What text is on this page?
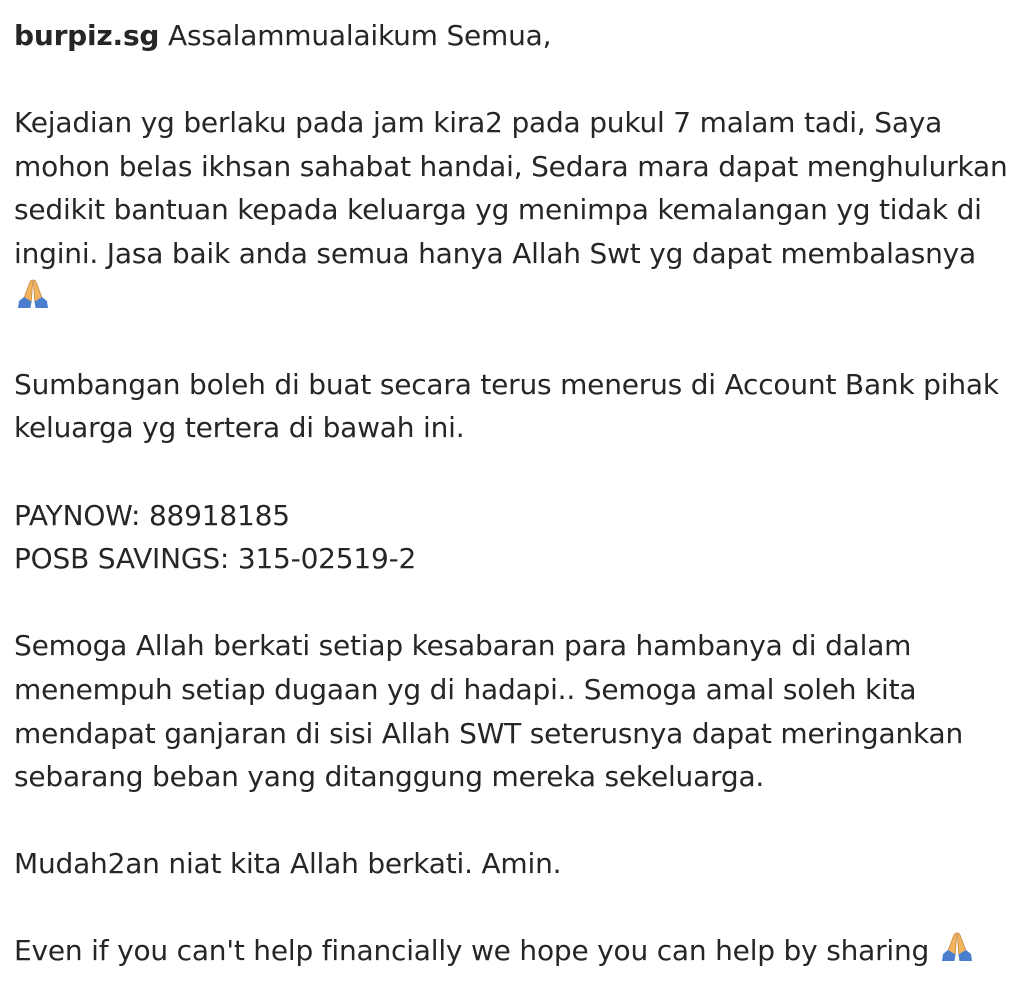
burpiz.sg Assalammualaikum Semua,

Kejadian yg berlaku pada jam kira2 pada pukul 7 malam tadi, Saya mohon belas ikhsan sahabat handai, Sedara mara dapat menghulurkan sedikit bantuan kepada keluarga yg menimpa kemalangan yg tidak di ingini. Jasa baik anda semua hanya Allah Swt yg dapat membalasnya

Sumbangan boleh di buat secara terus menerus di Account Bank pihak keluarga yg tertera di bawah ini.

PAYNOW: 88918185
POSB SAVINGS: 315-02519-2

Semoga Allah berkati setiap kesabaran para hambanya di dalam menempuh setiap dugaan yg di hadapi.. Semoga amal soleh kita mendapat ganjaran di sisi Allah SWT seterusnya dapat meringankan sebarang beban yang ditanggung mereka sekeluarga.

Mudah2an niat kita Allah berkati. Amin.

Even if you can't help financially we hope you can help by sharing
